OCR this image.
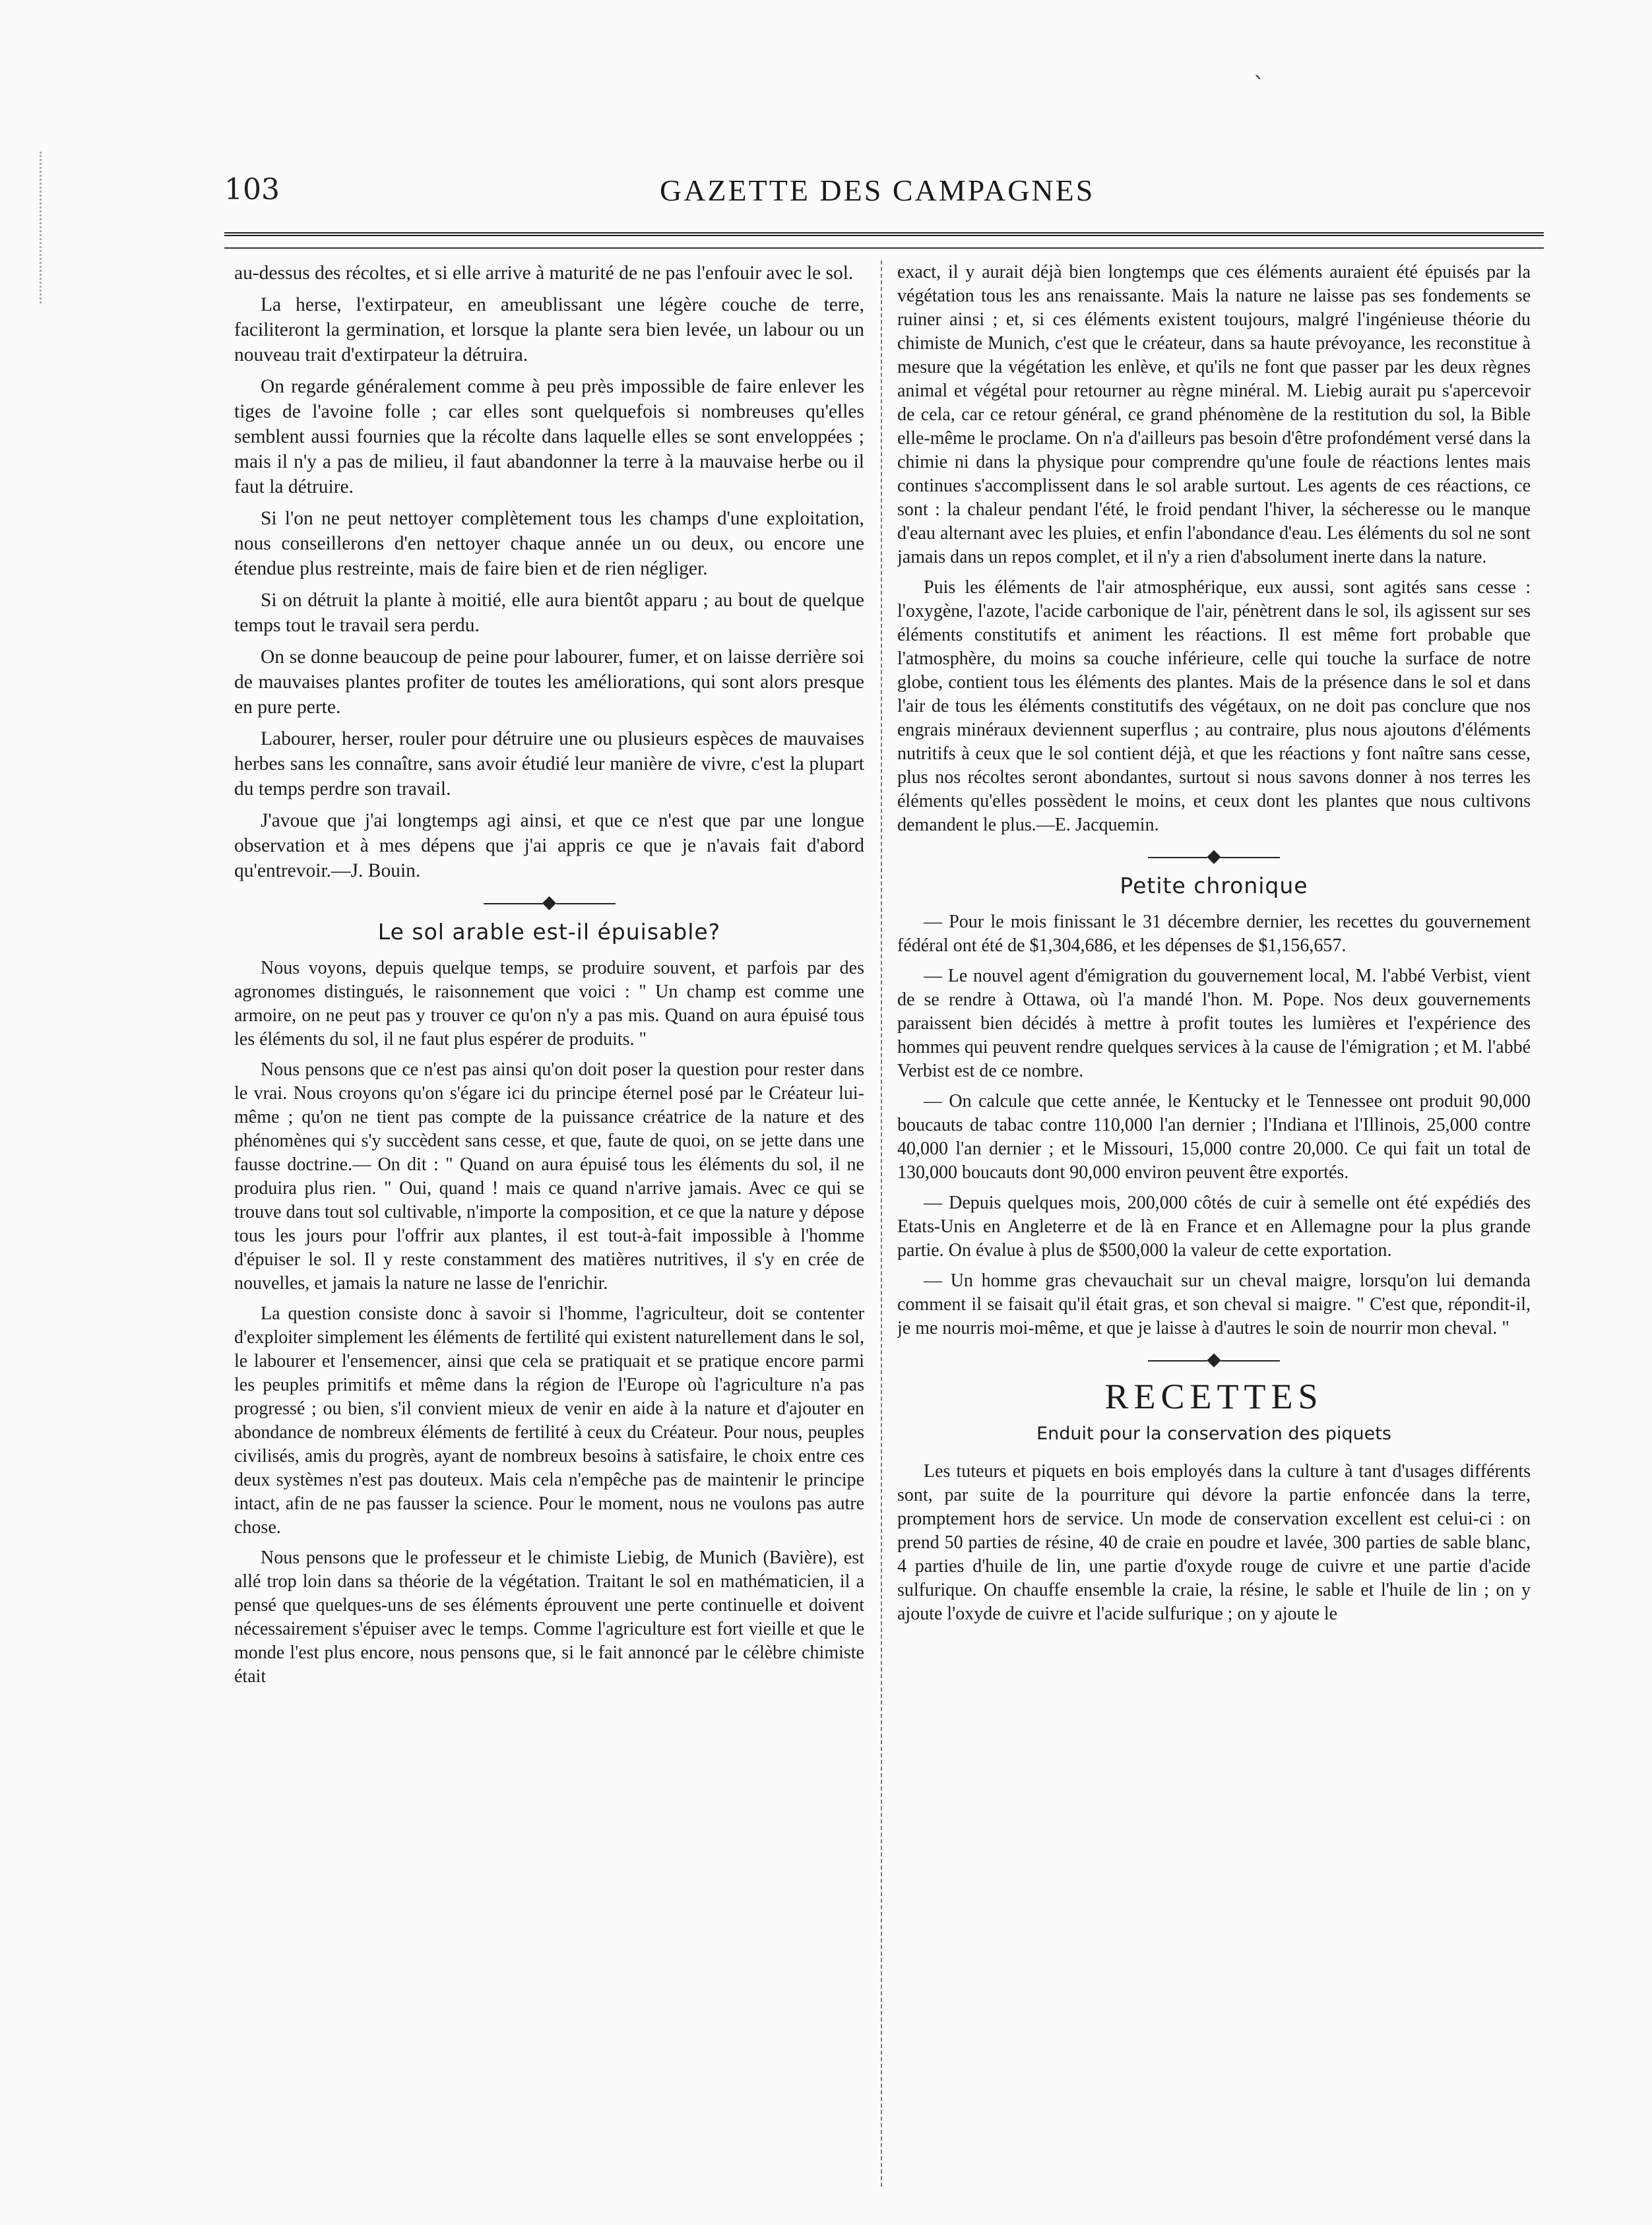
`
103	GAZETTE DES CAMPAGNES

au-dessus des récoltes, et si elle arrive à maturité de ne pas l'enfouir avec le sol.

La herse, l'extirpateur, en ameublissant une légère couche de terre, faciliteront la germination, et lorsque la plante sera bien levée, un labour ou un nouveau trait d'extirpateur la détruira.

On regarde généralement comme à peu près impossible de faire enlever les tiges de l'avoine folle ; car elles sont quelquefois si nombreuses qu'elles semblent aussi fournies que la récolte dans laquelle elles se sont enveloppées ; mais il n'y a pas de milieu, il faut abandonner la terre à la mauvaise herbe ou il faut la détruire.

Si l'on ne peut nettoyer complètement tous les champs d'une exploitation, nous conseillerons d'en nettoyer chaque année un ou deux, ou encore une étendue plus restreinte, mais de faire bien et de rien négliger.

Si on détruit la plante à moitié, elle aura bientôt apparu ; au bout de quelque temps tout le travail sera perdu.

On se donne beaucoup de peine pour labourer, fumer, et on laisse derrière soi de mauvaises plantes profiter de toutes les améliorations, qui sont alors presque en pure perte.

Labourer, herser, rouler pour détruire une ou plusieurs espèces de mauvaises herbes sans les connaître, sans avoir étudié leur manière de vivre, c'est la plupart du temps perdre son travail.

J'avoue que j'ai longtemps agi ainsi, et que ce n'est que par une longue observation et à mes dépens que j'ai appris ce que je n'avais fait d'abord qu'entrevoir.—J. Bouin.

◆
Le sol arable est-il épuisable?

Nous voyons, depuis quelque temps, se produire souvent, et parfois par des agronomes distingués, le raisonnement que voici : " Un champ est comme une armoire, on ne peut pas y trouver ce qu'on n'y a pas mis. Quand on aura épuisé tous les éléments du sol, il ne faut plus espérer de produits. "

Nous pensons que ce n'est pas ainsi qu'on doit poser la question pour rester dans le vrai. Nous croyons qu'on s'égare ici du principe éternel posé par le Créateur lui-même ; qu'on ne tient pas compte de la puissance créatrice de la nature et des phénomènes qui s'y succèdent sans cesse, et que, faute de quoi, on se jette dans une fausse doctrine.— On dit : " Quand on aura épuisé tous les éléments du sol, il ne produira plus rien. " Oui, quand ! mais ce quand n'arrive jamais. Avec ce qui se trouve dans tout sol cultivable, n'importe la composition, et ce que la nature y dépose tous les jours pour l'offrir aux plantes, il est tout-à-fait impossible à l'homme d'épuiser le sol. Il y reste constamment des matières nutritives, il s'y en crée de nouvelles, et jamais la nature ne lasse de l'enrichir.

La question consiste donc à savoir si l'homme, l'agriculteur, doit se contenter d'exploiter simplement les éléments de fertilité qui existent naturellement dans le sol, le labourer et l'ensemencer, ainsi que cela se pratiquait et se pratique encore parmi les peuples primitifs et même dans la région de l'Europe où l'agriculture n'a pas progressé ; ou bien, s'il convient mieux de venir en aide à la nature et d'ajouter en abondance de nombreux éléments de fertilité à ceux du Créateur. Pour nous, peuples civilisés, amis du progrès, ayant de nombreux besoins à satisfaire, le choix entre ces deux systèmes n'est pas douteux. Mais cela n'empêche pas de maintenir le principe intact, afin de ne pas fausser la science. Pour le moment, nous ne voulons pas autre chose.

Nous pensons que le professeur et le chimiste Liebig, de Munich (Bavière), est allé trop loin dans sa théorie de la végétation. Traitant le sol en mathématicien, il a pensé que quelques-uns de ses éléments éprouvent une perte continuelle et doivent nécessairement s'épuiser avec le temps. Comme l'agriculture est fort vieille et que le monde l'est plus encore, nous pensons que, si le fait annoncé par le célèbre chimiste était

exact, il y aurait déjà bien longtemps que ces éléments auraient été épuisés par la végétation tous les ans renaissante. Mais la nature ne laisse pas ses fondements se ruiner ainsi ; et, si ces éléments existent toujours, malgré l'ingénieuse théorie du chimiste de Munich, c'est que le créateur, dans sa haute prévoyance, les reconstitue à mesure que la végétation les enlève, et qu'ils ne font que passer par les deux règnes animal et végétal pour retourner au règne minéral. M. Liebig aurait pu s'apercevoir de cela, car ce retour général, ce grand phénomène de la restitution du sol, la Bible elle-même le proclame. On n'a d'ailleurs pas besoin d'être profondément versé dans la chimie ni dans la physique pour comprendre qu'une foule de réactions lentes mais continues s'accomplissent dans le sol arable surtout. Les agents de ces réactions, ce sont : la chaleur pendant l'été, le froid pendant l'hiver, la sécheresse ou le manque d'eau alternant avec les pluies, et enfin l'abondance d'eau. Les éléments du sol ne sont jamais dans un repos complet, et il n'y a rien d'absolument inerte dans la nature.

Puis les éléments de l'air atmosphérique, eux aussi, sont agités sans cesse : l'oxygène, l'azote, l'acide carbonique de l'air, pénètrent dans le sol, ils agissent sur ses éléments constitutifs et animent les réactions. Il est même fort probable que l'atmosphère, du moins sa couche inférieure, celle qui touche la surface de notre globe, contient tous les éléments des plantes. Mais de la présence dans le sol et dans l'air de tous les éléments constitutifs des végétaux, on ne doit pas conclure que nos engrais minéraux deviennent superflus ; au contraire, plus nous ajoutons d'éléments nutritifs à ceux que le sol contient déjà, et que les réactions y font naître sans cesse, plus nos récoltes seront abondantes, surtout si nous savons donner à nos terres les éléments qu'elles possèdent le moins, et ceux dont les plantes que nous cultivons demandent le plus.—E. Jacquemin.

◆
Petite chronique

— Pour le mois finissant le 31 décembre dernier, les recettes du gouvernement fédéral ont été de $1,304,686, et les dépenses de $1,156,657.

— Le nouvel agent d'émigration du gouvernement local, M. l'abbé Verbist, vient de se rendre à Ottawa, où l'a mandé l'hon. M. Pope. Nos deux gouvernements paraissent bien décidés à mettre à profit toutes les lumières et l'expérience des hommes qui peuvent rendre quelques services à la cause de l'émigration ; et M. l'abbé Verbist est de ce nombre.

— On calcule que cette année, le Kentucky et le Tennessee ont produit 90,000 boucauts de tabac contre 110,000 l'an dernier ; l'Indiana et l'Illinois, 25,000 contre 40,000 l'an dernier ; et le Missouri, 15,000 contre 20,000. Ce qui fait un total de 130,000 boucauts dont 90,000 environ peuvent être exportés.

— Depuis quelques mois, 200,000 côtés de cuir à semelle ont été expédiés des Etats-Unis en Angleterre et de là en France et en Allemagne pour la plus grande partie. On évalue à plus de $500,000 la valeur de cette exportation.

— Un homme gras chevauchait sur un cheval maigre, lorsqu'on lui demanda comment il se faisait qu'il était gras, et son cheval si maigre. " C'est que, répondit-il, je me nourris moi-même, et que je laisse à d'autres le soin de nourrir mon cheval. "

◆
RECETTES
Enduit pour la conservation des piquets

Les tuteurs et piquets en bois employés dans la culture à tant d'usages différents sont, par suite de la pourriture qui dévore la partie enfoncée dans la terre, promptement hors de service. Un mode de conservation excellent est celui-ci : on prend 50 parties de résine, 40 de craie en poudre et lavée, 300 parties de sable blanc, 4 parties d'huile de lin, une partie d'oxyde rouge de cuivre et une partie d'acide sulfurique. On chauffe ensemble la craie, la résine, le sable et l'huile de lin ; on y ajoute l'oxyde de cuivre et l'acide sulfurique ; on y ajoute le
